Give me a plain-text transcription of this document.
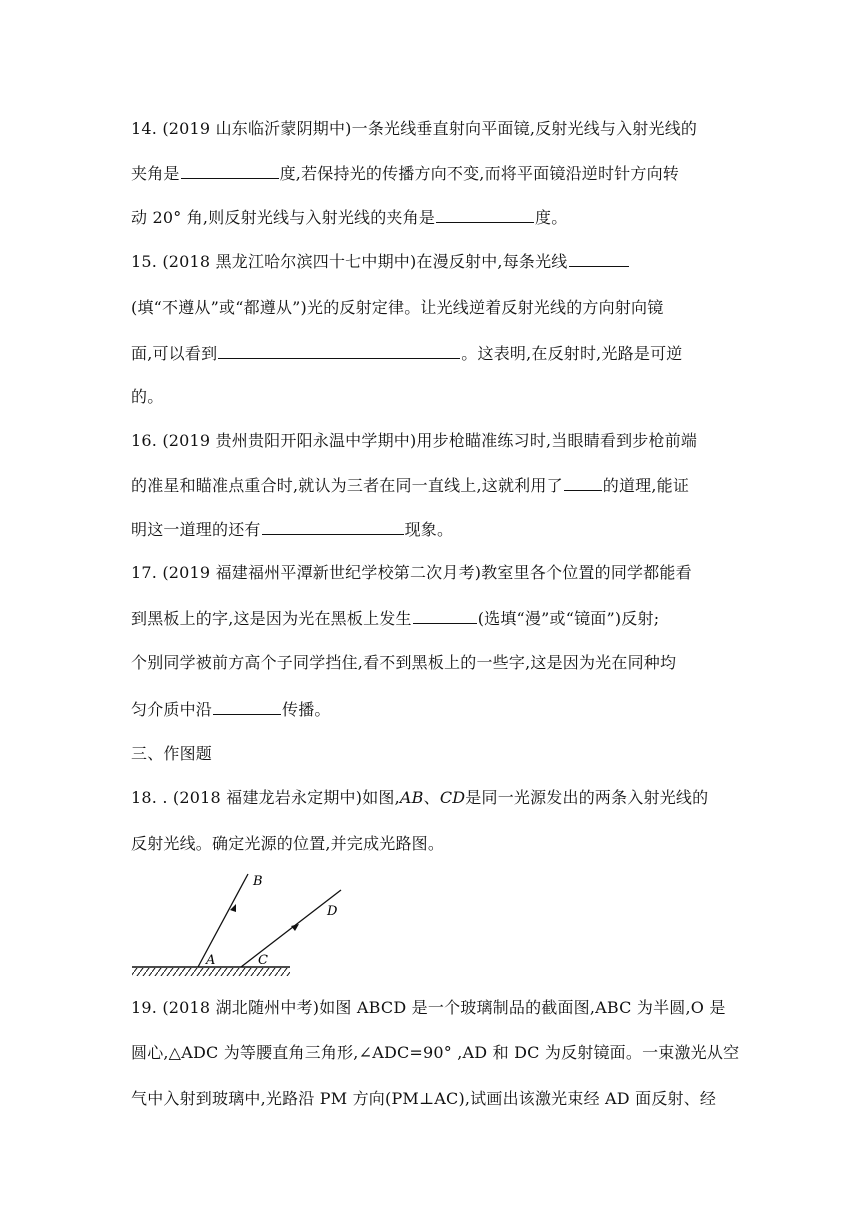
14. (2019 山东临沂蒙阴期中)一条光线垂直射向平面镜,反射光线与入射光线的
夹角是	度,若保持光的传播方向不变,而将平面镜沿逆时针方向转
动 20° 角,则反射光线与入射光线的夹角是	度。
15. (2018 黑龙江哈尔滨四十七中期中)在漫反射中,每条光线
(填“不遵从”或“都遵从”)光的反射定律。让光线逆着反射光线的方向射向镜
面,可以看到	。这表明,在反射时,光路是可逆
的。
16. (2019 贵州贵阳开阳永温中学期中)用步枪瞄准练习时,当眼睛看到步枪前端
的准星和瞄准点重合时,就认为三者在同一直线上,这就利用了	的道理,能证
明这一道理的还有	现象。
17. (2019 福建福州平潭新世纪学校第二次月考)教室里各个位置的同学都能看
到黑板上的字,这是因为光在黑板上发生	(选填“漫”或“镜面”)反射;
个别同学被前方高个子同学挡住,看不到黑板上的一些字,这是因为光在同种均
匀介质中沿	传播。
三、作图题
18. . (2018 福建龙岩永定期中)如图,AB、CD是同一光源发出的两条入射光线的
反射光线。确定光源的位置,并完成光路图。
A
B
C
D
19. (2018 湖北随州中考)如图 ABCD 是一个玻璃制品的截面图,ABC 为半圆,O 是
圆心,△ADC 为等腰直角三角形,∠ADC=90° ,AD 和 DC 为反射镜面。一束激光从空
气中入射到玻璃中,光路沿 PM 方向(PM⊥AC),试画出该激光束经 AD 面反射、经
